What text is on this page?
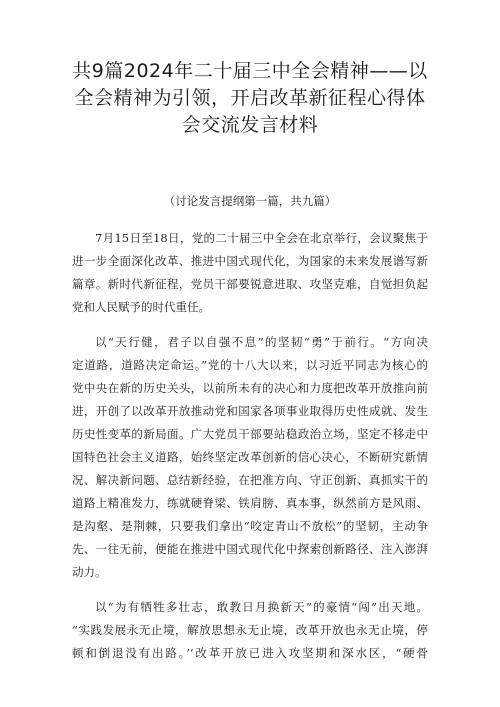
共9篇2024年二十届三中全会精神——以
全会精神为引领，开启改革新征程心得体
会交流发言材料
（讨论发言提纲第一篇，共九篇）
7月15日至18日，党的二十届三中全会在北京举行，会议聚焦于
进一步全面深化改革、推进中国式现代化，为国家的未来发展谱写新
篇章。新时代新征程，党员干部要锐意进取、攻坚克难，自觉担负起
党和人民赋予的时代重任。
以“天行健，君子以自强不息”的坚韧“勇”于前行。“方向决
定道路，道路决定命运。”党的十八大以来，以习近平同志为核心的
党中央在新的历史关头，以前所未有的决心和力度把改革开放推向前
进，开创了以改革开放推动党和国家各项事业取得历史性成就、发生
历史性变革的新局面。广大党员干部要站稳政治立场，坚定不移走中
国特色社会主义道路，始终坚定改革创新的信心决心，不断研究新情
况、解决新问题、总结新经验，在把准方向、守正创新、真抓实干的
道路上精准发力，练就硬脊梁、铁肩膀、真本事，纵然前方是风雨、
是沟壑、是荆棘，只要我们拿出“咬定青山不放松”的坚韧，主动争
先、一往无前，便能在推进中国式现代化中探索创新路径、注入澎湃
动力。
以“为有牺牲多壮志，敢教日月换新天”的豪情“闯”出天地。
“实践发展永无止境，解放思想永无止境，改革开放也永无止境，停
顿和倒退没有出路。’‘改革开放已进入攻坚期和深水区，“硬骨
